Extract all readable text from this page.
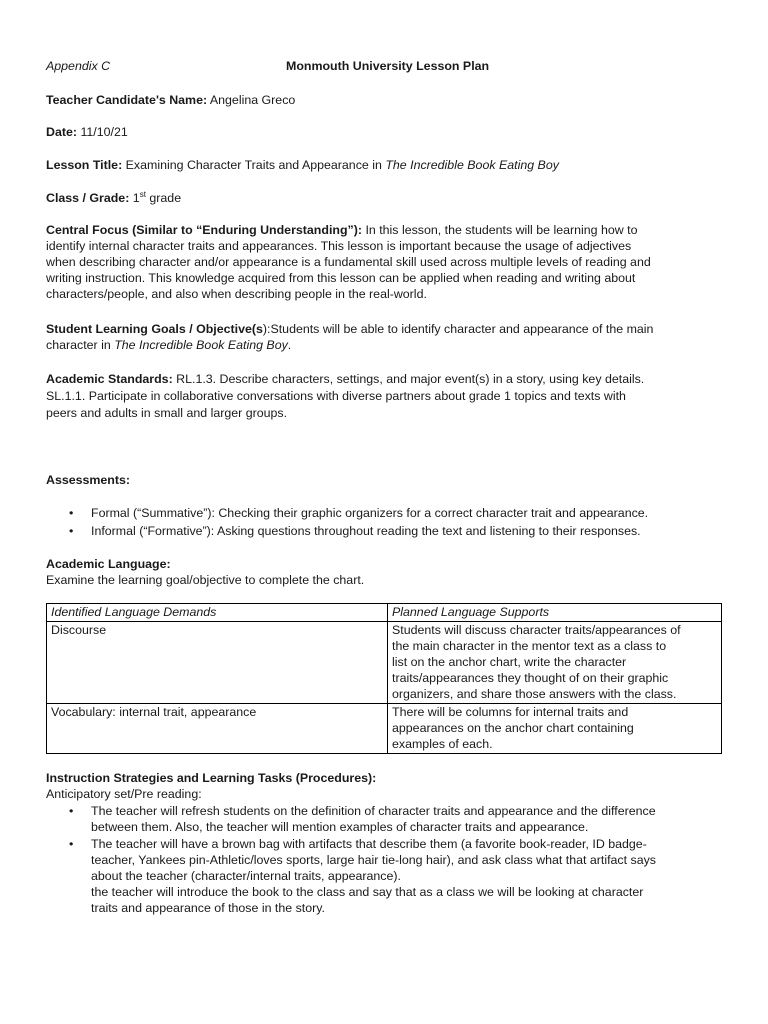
Appendix C	Monmouth University Lesson Plan
Teacher Candidate's Name: Angelina Greco
Date: 11/10/21
Lesson Title: Examining Character Traits and Appearance in The Incredible Book Eating Boy
Class / Grade: 1st grade
Central Focus (Similar to “Enduring Understanding”): In this lesson, the students will be learning how to
identify internal character traits and appearances. This lesson is important because the usage of adjectives
when describing character and/or appearance is a fundamental skill used across multiple levels of reading and
writing instruction. This knowledge acquired from this lesson can be applied when reading and writing about
characters/people, and also when describing people in the real-world.
Student Learning Goals / Objective(s):Students will be able to identify character and appearance of the main
character in The Incredible Book Eating Boy.
Academic Standards: RL.1.3. Describe characters, settings, and major event(s) in a story, using key details.
SL.1.1. Participate in collaborative conversations with diverse partners about grade 1 topics and texts with
peers and adults in small and larger groups.
Assessments:
• Formal (“Summative”): Checking their graphic organizers for a correct character trait and appearance.
• Informal (“Formative”): Asking questions throughout reading the text and listening to their responses.
Academic Language:
Examine the learning goal/objective to complete the chart.
Identified Language Demands	Planned Language Supports
Discourse	Students will discuss character traits/appearances of
the main character in the mentor text as a class to
list on the anchor chart, write the character
traits/appearances they thought of on their graphic
organizers, and share those answers with the class.

Vocabulary: internal trait, appearance	There will be columns for internal traits and
appearances on the anchor chart containing
examples of each.
Instruction Strategies and Learning Tasks (Procedures):
Anticipatory set/Pre reading:
• The teacher will refresh students on the definition of character traits and appearance and the difference
between them. Also, the teacher will mention examples of character traits and appearance.
• The teacher will have a brown bag with artifacts that describe them (a favorite book-reader, ID badge-
teacher, Yankees pin-Athletic/loves sports, large hair tie-long hair), and ask class what that artifact says
about the teacher (character/internal traits, appearance).
the teacher will introduce the book to the class and say that as a class we will be looking at character
traits and appearance of those in the story.
